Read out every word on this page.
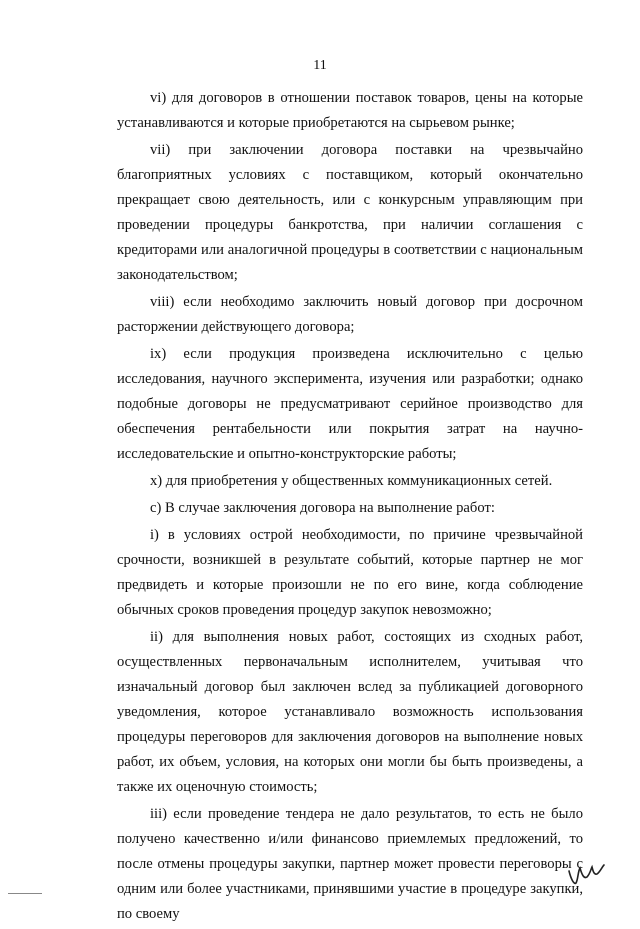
11

vi) для договоров в отношении поставок товаров, цены на которые устанавливаются и которые приобретаются на сырьевом рынке;

vii) при заключении договора поставки на чрезвычайно благоприятных условиях с поставщиком, который окончательно прекращает свою деятельность, или с конкурсным управляющим при проведении процедуры банкротства, при наличии соглашения с кредиторами или аналогичной процедуры в соответствии с национальным законодательством;

viii) если необходимо заключить новый договор при досрочном расторжении действующего договора;

ix) если продукция произведена исключительно с целью исследования, научного эксперимента, изучения или разработки; однако подобные договоры не предусматривают серийное производство для обеспечения рентабельности или покрытия затрат на научно-исследовательские и опытно-конструкторские работы;

x) для приобретения у общественных коммуникационных сетей.

c) В случае заключения договора на выполнение работ:

i) в условиях острой необходимости, по причине чрезвычайной срочности, возникшей в результате событий, которые партнер не мог предвидеть и которые произошли не по его вине, когда соблюдение обычных сроков проведения процедур закупок невозможно;

ii) для выполнения новых работ, состоящих из сходных работ, осуществленных первоначальным исполнителем, учитывая что изначальный договор был заключен вслед за публикацией договорного уведомления, которое устанавливало возможность использования процедуры переговоров для заключения договоров на выполнение новых работ, их объем, условия, на которых они могли бы быть произведены, а также их оценочную стоимость;

iii) если проведение тендера не дало результатов, то есть не было получено качественно и/или финансово приемлемых предложений, то после отмены процедуры закупки, партнер может провести переговоры с одним или более участниками, принявшими участие в процедуре закупки, по своему
